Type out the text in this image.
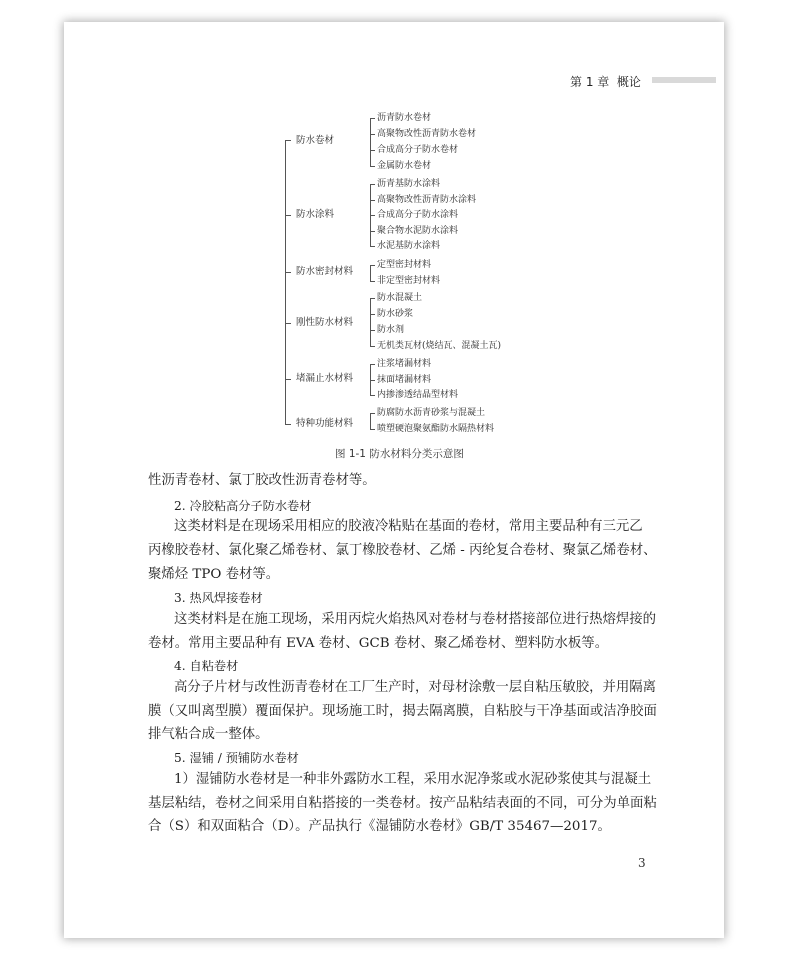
第 1 章 概论
防水卷材
沥青防水卷材
高聚物改性沥青防水卷材
合成高分子防水卷材
金属防水卷材
防水涂料
沥青基防水涂料
高聚物改性沥青防水涂料
合成高分子防水涂料
聚合物水泥防水涂料
水泥基防水涂料
防水密封材料
定型密封材料
非定型密封材料
刚性防水材料
防水混凝土
防水砂浆
防水剂
无机类瓦材(烧结瓦、混凝土瓦)
堵漏止水材料
注浆堵漏材料
抹面堵漏材料
内掺渗透结晶型材料
特种功能材料
防腐防水沥青砂浆与混凝土
喷塑硬泡聚氨酯防水隔热材料
图 1-1 防水材料分类示意图
性沥青卷材、氯丁胶改性沥青卷材等。
2. 冷胶粘高分子防水卷材
这类材料是在现场采用相应的胶液冷粘贴在基面的卷材，常用主要品种有三元乙
丙橡胶卷材、氯化聚乙烯卷材、氯丁橡胶卷材、乙烯 - 丙纶复合卷材、聚氯乙烯卷材、
聚烯烃 TPO 卷材等。
3. 热风焊接卷材
这类材料是在施工现场，采用丙烷火焰热风对卷材与卷材搭接部位进行热熔焊接的
卷材。常用主要品种有 EVA 卷材、GCB 卷材、聚乙烯卷材、塑料防水板等。
4. 自粘卷材
高分子片材与改性沥青卷材在工厂生产时，对母材涂敷一层自粘压敏胶，并用隔离
膜（又叫离型膜）覆面保护。现场施工时，揭去隔离膜，自粘胶与干净基面或洁净胶面
排气粘合成一整体。
5. 湿铺 / 预铺防水卷材
1）湿铺防水卷材是一种非外露防水工程，采用水泥净浆或水泥砂浆使其与混凝土
基层粘结，卷材之间采用自粘搭接的一类卷材。按产品粘结表面的不同，可分为单面粘
合（S）和双面粘合（D）。产品执行《湿铺防水卷材》GB/T 35467—2017。
3
